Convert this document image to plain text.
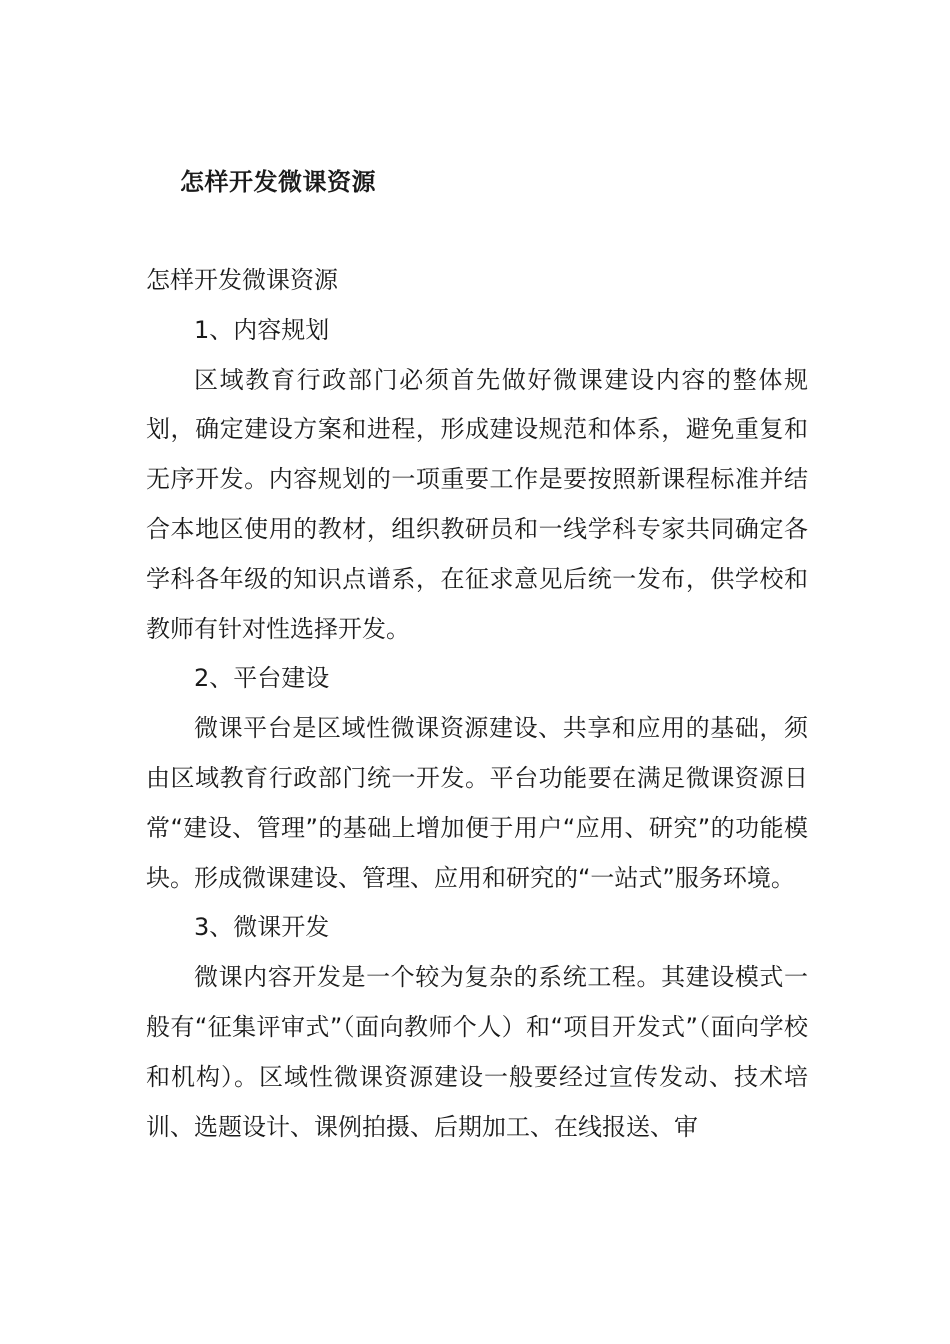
怎样开发微课资源

怎样开发微课资源

1、内容规划

区域教育行政部门必须首先做好微课建设内容的整体规划，确定建设方案和进程，形成建设规范和体系，避免重复和无序开发。内容规划的一项重要工作是要按照新课程标准并结合本地区使用的教材，组织教研员和一线学科专家共同确定各学科各年级的知识点谱系，在征求意见后统一发布，供学校和教师有针对性选择开发。

2、平台建设

微课平台是区域性微课资源建设、共享和应用的基础，须由区域教育行政部门统一开发。平台功能要在满足微课资源日常“建设、管理”的基础上增加便于用户“应用、研究”的功能模块。形成微课建设、管理、应用和研究的“一站式”服务环境。

3、微课开发

微课内容开发是一个较为复杂的系统工程。其建设模式一般有“征集评审式”（面向教师个人）和“项目开发式”（面向学校和机构）。区域性微课资源建设一般要经过宣传发动、技术培训、选题设计、课例拍摄、后期加工、在线报送、审
